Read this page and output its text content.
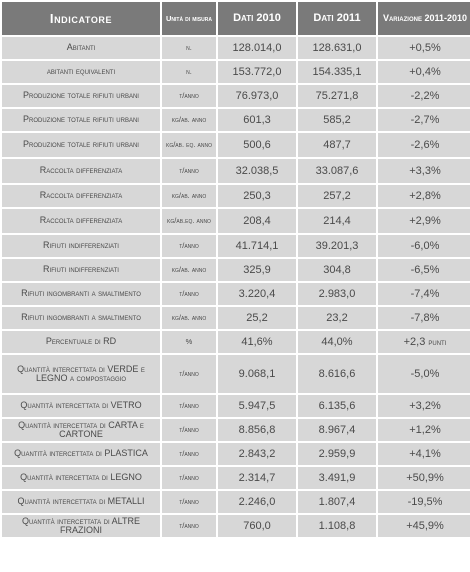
Indicatore	Unità di misura	Dati 2010	Dati 2011	Variazione 2011-2010
Abitanti	n.	128.014,0	128.631,0	+0,5%
abitanti equivalenti	n.	153.772,0	154.335,1	+0,4%
Produzione totale rifiuti urbani	t/anno	76.973,0	75.271,8	-2,2%
Produzione totale rifiuti urbani	kg/ab. anno	601,3	585,2	-2,7%
Produzione totale rifiuti urbani	kg/ab. eq. anno	500,6	487,7	-2,6%
Raccolta differenziata	t/anno	32.038,5	33.087,6	+3,3%
Raccolta differenziata	kg/ab. anno	250,3	257,2	+2,8%
Raccolta differenziata	kg/ab.eq. anno	208,4	214,4	+2,9%
Rifiuti indifferenziati	t/anno	41.714,1	39.201,3	-6,0%
Rifiuti indifferenziati	kg/ab. anno	325,9	304,8	-6,5%
Rifiuti ingombranti a smaltimento	t/anno	3.220,4	2.983,0	-7,4%
Rifiuti ingombranti a smaltimento	kg/ab. anno	25,2	23,2	-7,8%
Percentuale di RD	%	41,6%	44,0%	+2,3 punti
Quantità intercettata di VERDE e LEGNO a compostaggio	t/anno	9.068,1	8.616,6	-5,0%
Quantità intercettata di VETRO	t/anno	5.947,5	6.135,6	+3,2%
Quantità intercettata di CARTA e CARTONE	t/anno	8.856,8	8.967,4	+1,2%
Quantità intercettata di PLASTICA	t/anno	2.843,2	2.959,9	+4,1%
Quantità intercettata di LEGNO	t/anno	2.314,7	3.491,9	+50,9%
Quantità intercettata di METALLI	t/anno	2.246,0	1.807,4	-19,5%
Quantità intercettata di ALTRE FRAZIONI	t/anno	760,0	1.108,8	+45,9%
